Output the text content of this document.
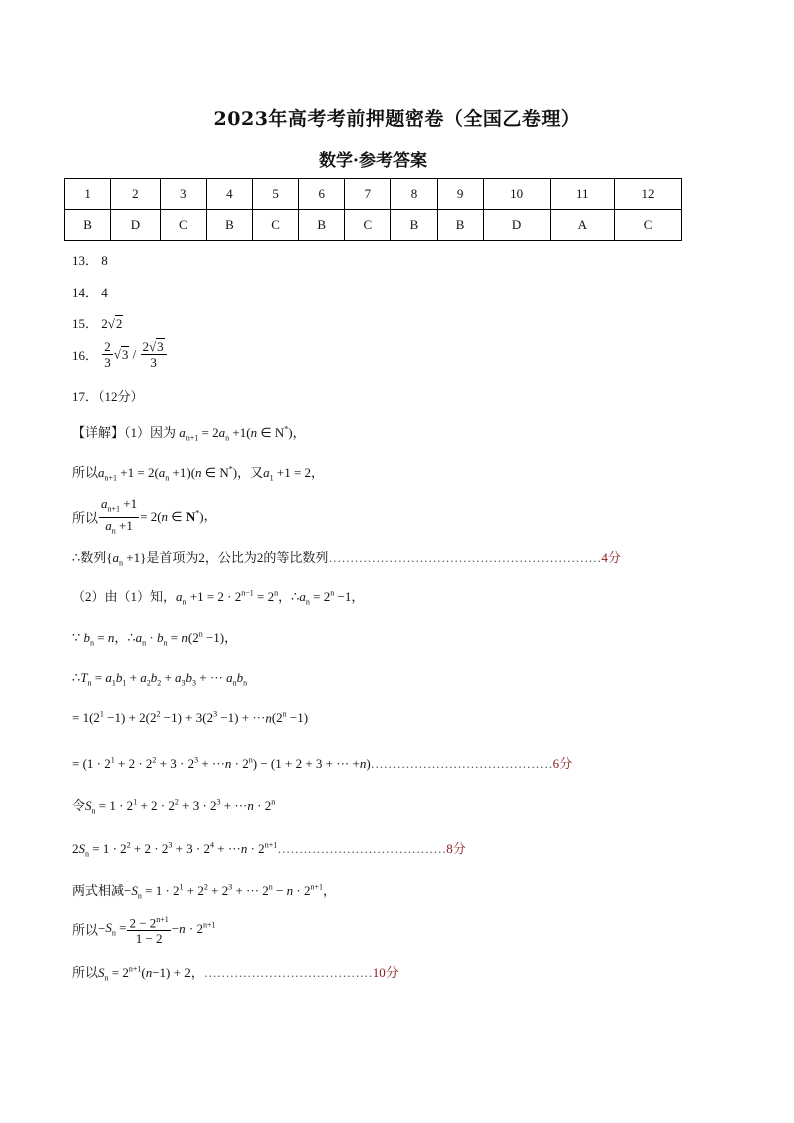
2023年高考考前押题密卷（全国乙卷理）
数学·参考答案
1	2	3	4	5	6	7	8	9	10	11	12
B	D	C	B	C	B	C	B	B	D	A	C
13． 8
14． 4
15． 2√2
16． $\frac{2}{3} √3 / \frac{2√3}{3}$
17．（12分）
【详解】（1）因为 $a_{n+1} = 2a_n +1(n$ ∈ N*)，
所以$a_{n+1} +1 = 2(a_n +1)(n$ ∈ N*)，又$a_1 +1 = 2$，
所以 $\frac{a_{n+1} +1}{a_n +1} = 2(n$ ∈ N*)，
∴数列$\{a_n +1\}$是首项为2，公比为2的等比数列………………………………………………………4分
（2）由（1）知，$a_n +1 = 2 \cdot 2^{n-1} = 2^n$，$\therefore a_n = 2^n -1$，
∵ $b_n = n$，$\therefore a_n \cdot b_n = n(2^n -1)$，
$\therefore T_n = a_1b_1 + a_2b_2 + a_3b_3$ + ··· $a_nb_n$
= $1(2^1 -1) + 2(2^2 -1) + 3(2^3 -1) + \cdot\cdot\cdot n(2^n -1)$
= $(1 \cdot 2^1 + 2 \cdot 2^2 + 3 \cdot 2^3 + \cdot\cdot\cdot n \cdot 2^n) - (1 + 2 + 3$ + ··· +n)……………………………………6分
令$S_n = 1 \cdot 2^1 + 2 \cdot 2^2 + 3 \cdot 2^3 + \cdot\cdot\cdot n \cdot 2^n$
$2S_n = 1 \cdot 2^2 + 2 \cdot 2^3 + 3 \cdot 2^4 + \cdot\cdot\cdot n$ · $2^{n+1}\dots\dots\dots\dots\dots\dots\dots\dots\dots\dots\dots\dots\dots 8$分
两式相减$-S_n = 1 \cdot 2^1 + 2^2 + 2^3$ + ··· $2^n - n \cdot 2^{n+1}$，
所以$-S_n = \frac{2 - 2^{n+1}}{1 - 2} -n \cdot 2^{n+1}$
所以$S_n = 2^{n+1}(n-1) + 2$，…………………………………10分
